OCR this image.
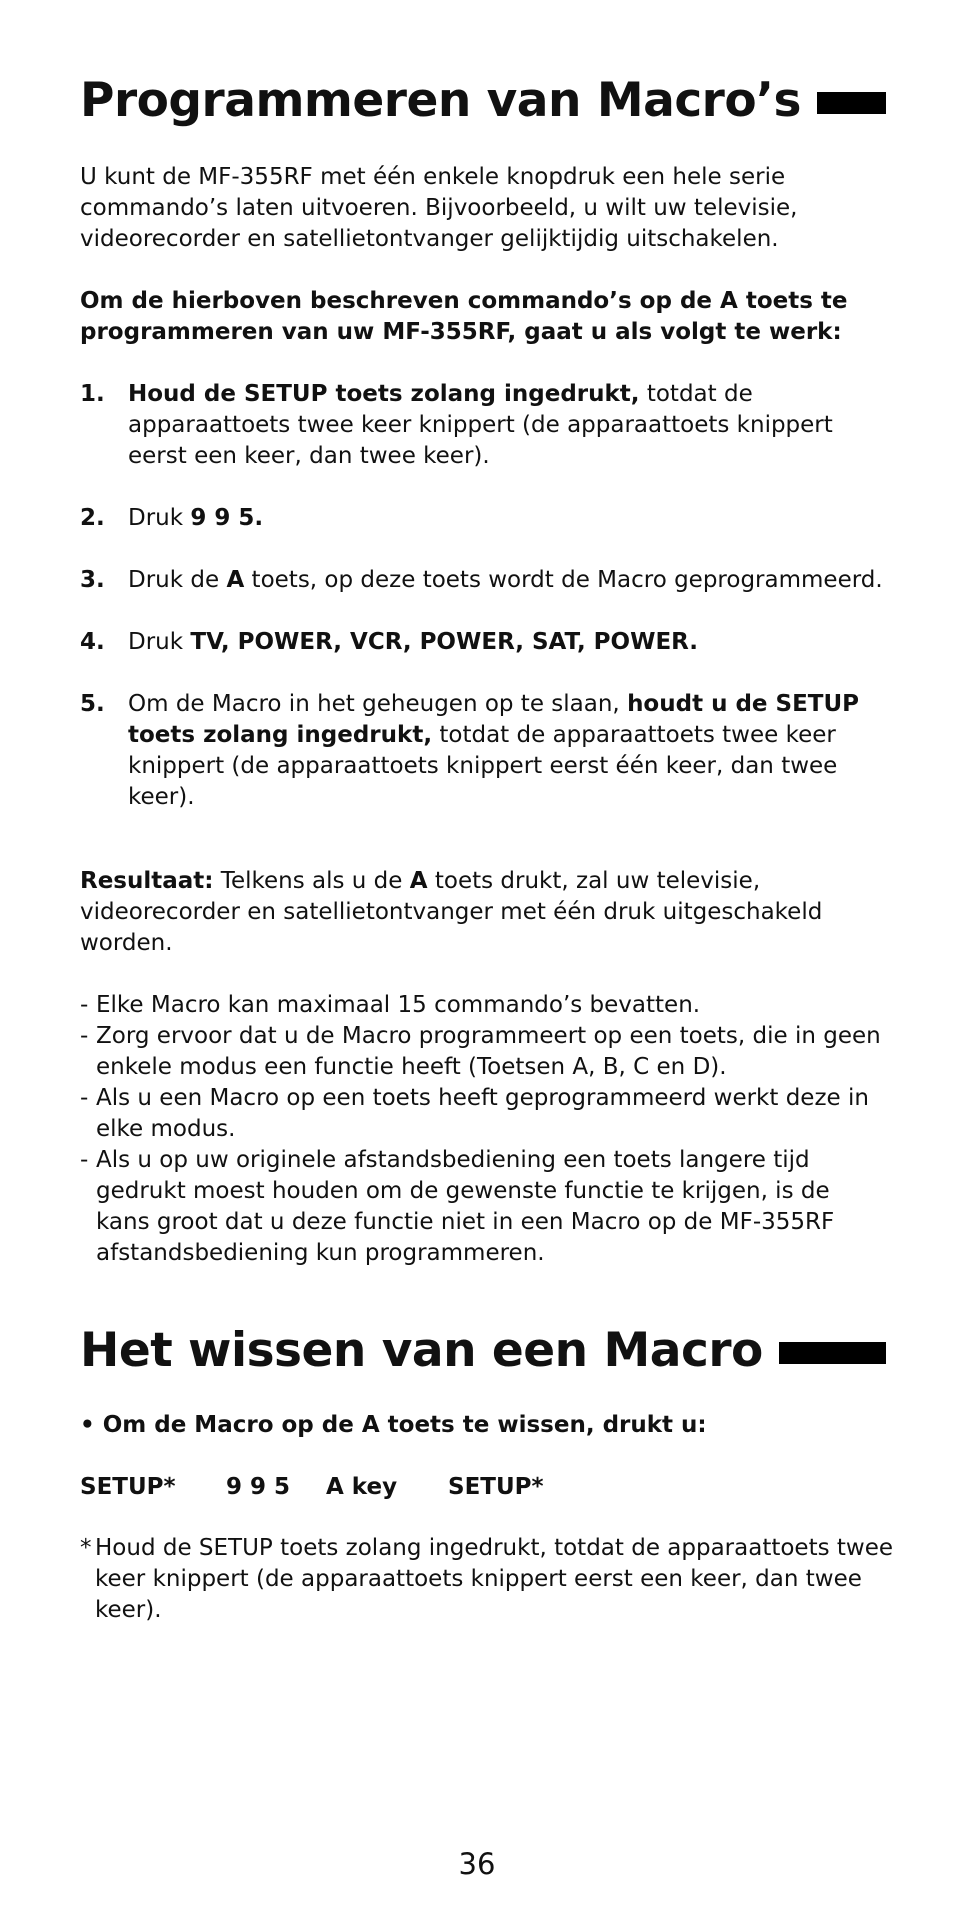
Programmeren van Macro’s

U kunt de MF-355RF met één enkele knopdruk een hele serie commando’s laten uitvoeren. Bijvoorbeeld, u wilt uw televisie, videorecorder en satellietontvanger gelijktijdig uitschakelen.

Om de hierboven beschreven commando’s op de A toets te programmeren van uw MF-355RF, gaat u als volgt te werk:

1. Houd de SETUP toets zolang ingedrukt, totdat de apparaattoets twee keer knippert (de apparaattoets knippert eerst een keer, dan twee keer).
2. Druk 9 9 5.
3. Druk de A toets, op deze toets wordt de Macro geprogrammeerd.
4. Druk TV, POWER, VCR, POWER, SAT, POWER.
5. Om de Macro in het geheugen op te slaan, houdt u de SETUP toets zolang ingedrukt, totdat de apparaattoets twee keer knippert (de apparaattoets knippert eerst één keer, dan twee keer).

Resultaat: Telkens als u de A toets drukt, zal uw televisie, videorecorder en satellietontvanger met één druk uitgeschakeld worden.

- Elke Macro kan maximaal 15 commando’s bevatten.
- Zorg ervoor dat u de Macro programmeert op een toets, die in geen enkele modus een functie heeft (Toetsen A, B, C en D).
- Als u een Macro op een toets heeft geprogrammeerd werkt deze in elke modus.
- Als u op uw originele afstandsbediening een toets langere tijd gedrukt moest houden om de gewenste functie te krijgen, is de kans groot dat u deze functie niet in een Macro op de MF-355RF afstandsbediening kun programmeren.
Het wissen van een Macro

• Om de Macro op de A toets te wissen, drukt u:

SETUP*	9 9 5	A key	SETUP*
* Houd de SETUP toets zolang ingedrukt, totdat de apparaattoets twee keer knippert (de apparaattoets knippert eerst een keer, dan twee keer).
36
